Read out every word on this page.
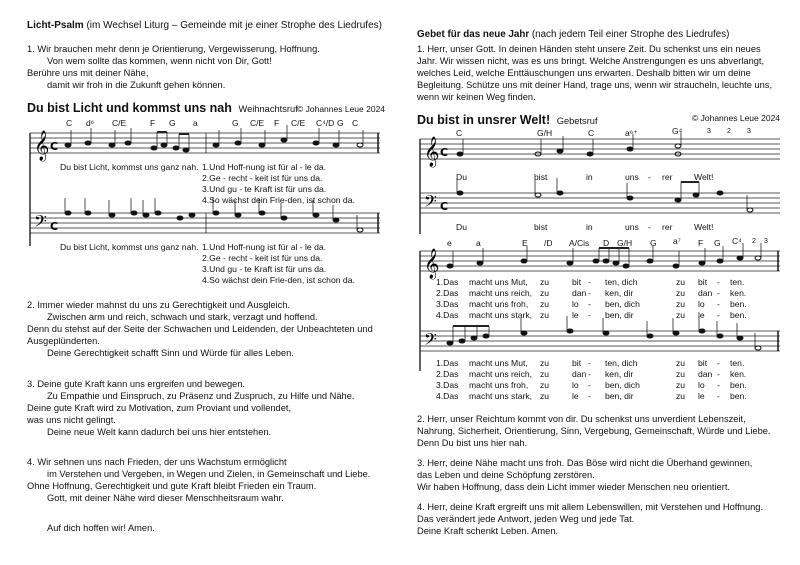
Licht-Psalm (im Wechsel Liturg – Gemeinde mit je einer Strophe des Liedrufes)
1. Wir brauchen mehr denn je Orientierung, Vergewisserung, Hoffnung.
Von wem sollte das kommen, wenn nicht von Dir, Gott!
Berühre uns mit deiner Nähe,
damit wir froh in die Zukunft gehen können.
Du bist Licht und kommst uns nah Weihnachtsruf © Johannes Leue 2024
C d⁶ C/E	F G a	G C/E F C/E C⁴/D G C
𝄞 C
Du bist Licht, kommst uns ganz nah. 1.Und Hoff-nung ist für al - le da.
2.Ge - recht - keit ist für uns da.
3.Und gu - te Kraft ist für uns da.
4.So wächst dein Frie-den, ist schon da.
𝄢 C
Du bist Licht, kommst uns ganz nah. 1.Und Hoff-nung ist für al - le da.
2.Ge - recht - keit ist für uns da.
3.Und gu - te Kraft ist für uns da.
4.So wächst dein Frie-den, ist schon da.
2. Immer wieder mahnst du uns zu Gerechtigkeit und Ausgleich.
Zwischen arm und reich, schwach und stark, verzagt und hoffend.
Denn du stehst auf der Seite der Schwachen und Leidenden, der Unbeachteten und
Ausgeplünderten.
Deine Gerechtigkeit schafft Sinn und Würde für alles Leben.
3. Deine gute Kraft kann uns ergreifen und bewegen.
Zu Empathie und Einspruch, zu Präsenz und Zuspruch, zu Hilfe und Nähe.
Deine gute Kraft wird zu Motivation, zum Proviant und vollendet,
was uns nicht gelingt.
Deine neue Welt kann dadurch bei uns hier entstehen.
4. Wir sehnen uns nach Frieden, der uns Wachstum ermöglicht
im Verstehen und Vergeben, in Wegen und Zielen, in Gemeinschaft und Liebe.
Ohne Hoffnung, Gerechtigkeit und gute Kraft bleibt Frieden ein Traum.
Gott, mit deiner Nähe wird dieser Menschheitsraum wahr.
Auf dich hoffen wir! Amen.
Gebet für das neue Jahr (nach jedem Teil einer Strophe des Liedrufes)
1. Herr, unser Gott. In deinen Händen steht unsere Zeit. Du schenkst uns ein neues
Jahr. Wir wissen nicht, was es uns bringt. Welche Anstrengungen es uns abverlangt,
welches Leid, welche Enttäuschungen uns erwarten. Deshalb bitten wir um deine
Begleitung. Schütze uns mit deiner Hand, trage uns, wenn wir straucheln, leuchte uns,
wenn wir keinen Weg finden.
Du bist in unsrer Welt! Gebetsruf	© Johannes Leue 2024
C	G/H	C	a⁶⁺	G⁴	3 2 3
𝄞 C
Du	bist	in	uns - rer Welt!
𝄢 C
Du	bist	in	uns - rer Welt!
e	a	E /D A/Cis D G/H G a⁷ F G C⁴ 2 3
𝄞
1.Das macht uns Mut, zu	bit - ten, dich	zu bit - ten.
2.Das macht uns reich, zu	dan - ken, dir	zu dan - ken.
3.Das macht uns froh, zu	lo - ben, dich	zu lo - ben.
4.Das macht uns stark, zu	le - ben, dir	zu le - ben.
𝄢
1.Das macht uns Mut, zu	bit - ten, dich	zu bit - ten.
2.Das macht uns reich, zu	dan - ken, dir	zu dan - ken.
3.Das macht uns froh, zu	lo - ben, dich	zu lo - ben.
4.Das macht uns stark, zu	le - ben, dir	zu le - ben.
2. Herr, unser Reichtum kommt von dir. Du schenkst uns unverdient Lebenszeit,
Nahrung, Sicherheit, Orientierung, Sinn, Vergebung, Gemeinschaft, Würde und Liebe.
Denn Du bist uns hier nah.
3. Herr, deine Nähe macht uns froh. Das Böse wird nicht die Überhand gewinnen,
das Leben und deine Schöpfung zerstören.
Wir haben Hoffnung, dass dein Licht immer wieder Menschen neu orientiert.
4. Herr, deine Kraft ergreift uns mit allem Lebenswillen, mit Verstehen und Hoffnung.
Das verändert jede Antwort, jeden Weg und jede Tat.
Deine Kraft schenkt Leben. Amen.
